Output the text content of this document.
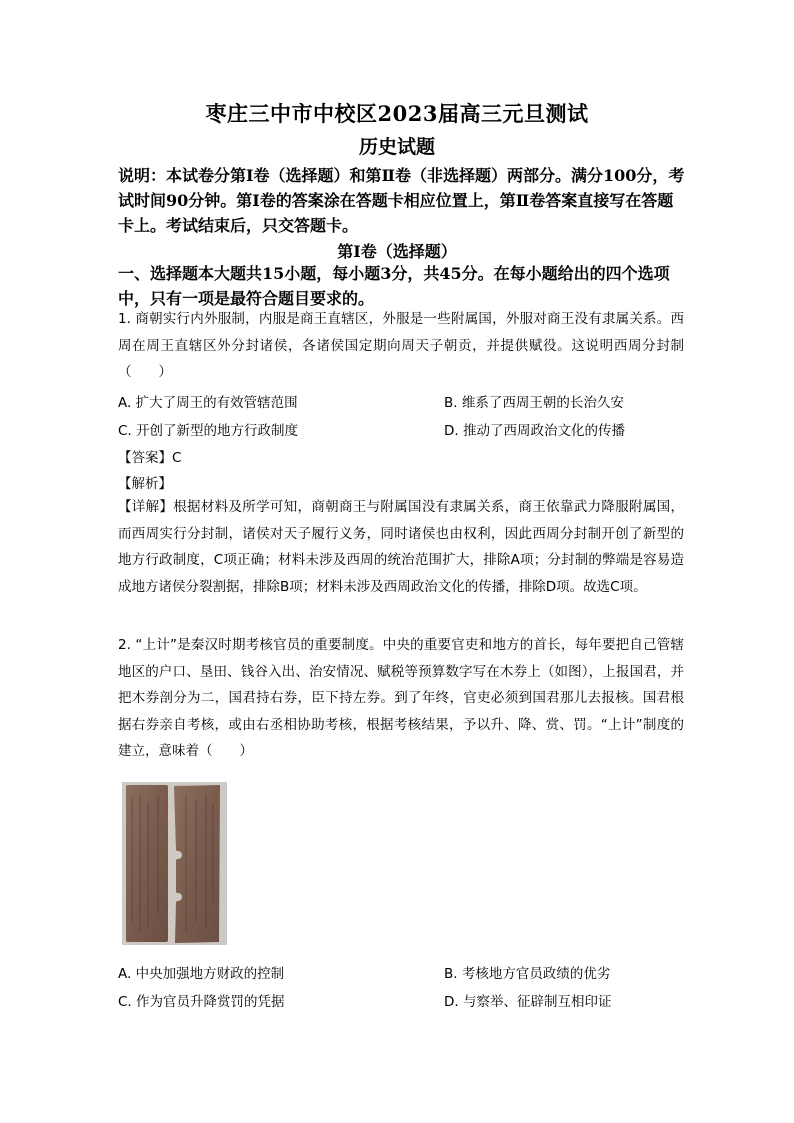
枣庄三中市中校区2023届高三元旦测试
历史试题
说明：本试卷分第Ⅰ卷（选择题）和第Ⅱ卷（非选择题）两部分。满分100分，考试时间90分钟。第Ⅰ卷的答案涂在答题卡相应位置上，第Ⅱ卷答案直接写在答题卡上。考试结束后，只交答题卡。
第Ⅰ卷（选择题）
一、选择题本大题共15小题，每小题3分，共45分。在每小题给出的四个选项中，只有一项是最符合题目要求的。
1. 商朝实行内外服制，内服是商王直辖区，外服是一些附属国，外服对商王没有隶属关系。西周在周王直辖区外分封诸侯，各诸侯国定期向周天子朝贡，并提供赋役。这说明西周分封制（　　）
A. 扩大了周王的有效管辖范围	B. 维系了西周王朝的长治久安
C. 开创了新型的地方行政制度	D. 推动了西周政治文化的传播
【答案】C
【解析】
【详解】根据材料及所学可知，商朝商王与附属国没有隶属关系，商王依靠武力降服附属国，而西周实行分封制，诸侯对天子履行义务，同时诸侯也由权利，因此西周分封制开创了新型的地方行政制度，C项正确；材料未涉及西周的统治范围扩大，排除A项；分封制的弊端是容易造成地方诸侯分裂割据，排除B项；材料未涉及西周政治文化的传播，排除D项。故选C项。
2. “上计”是秦汉时期考核官员的重要制度。中央的重要官吏和地方的首长，每年要把自己管辖地区的户口、垦田、钱谷入出、治安情况、赋税等预算数字写在木券上（如图），上报国君，并把木券剖分为二，国君持右券，臣下持左券。到了年终，官吏必须到国君那儿去报核。国君根据右券亲自考核，或由右丞相协助考核，根据考核结果，予以升、降、赏、罚。“上计”制度的建立，意味着（　　）
A. 中央加强地方财政的控制	B. 考核地方官员政绩的优劣
C. 作为官员升降赏罚的凭据	D. 与察举、征辟制互相印证
